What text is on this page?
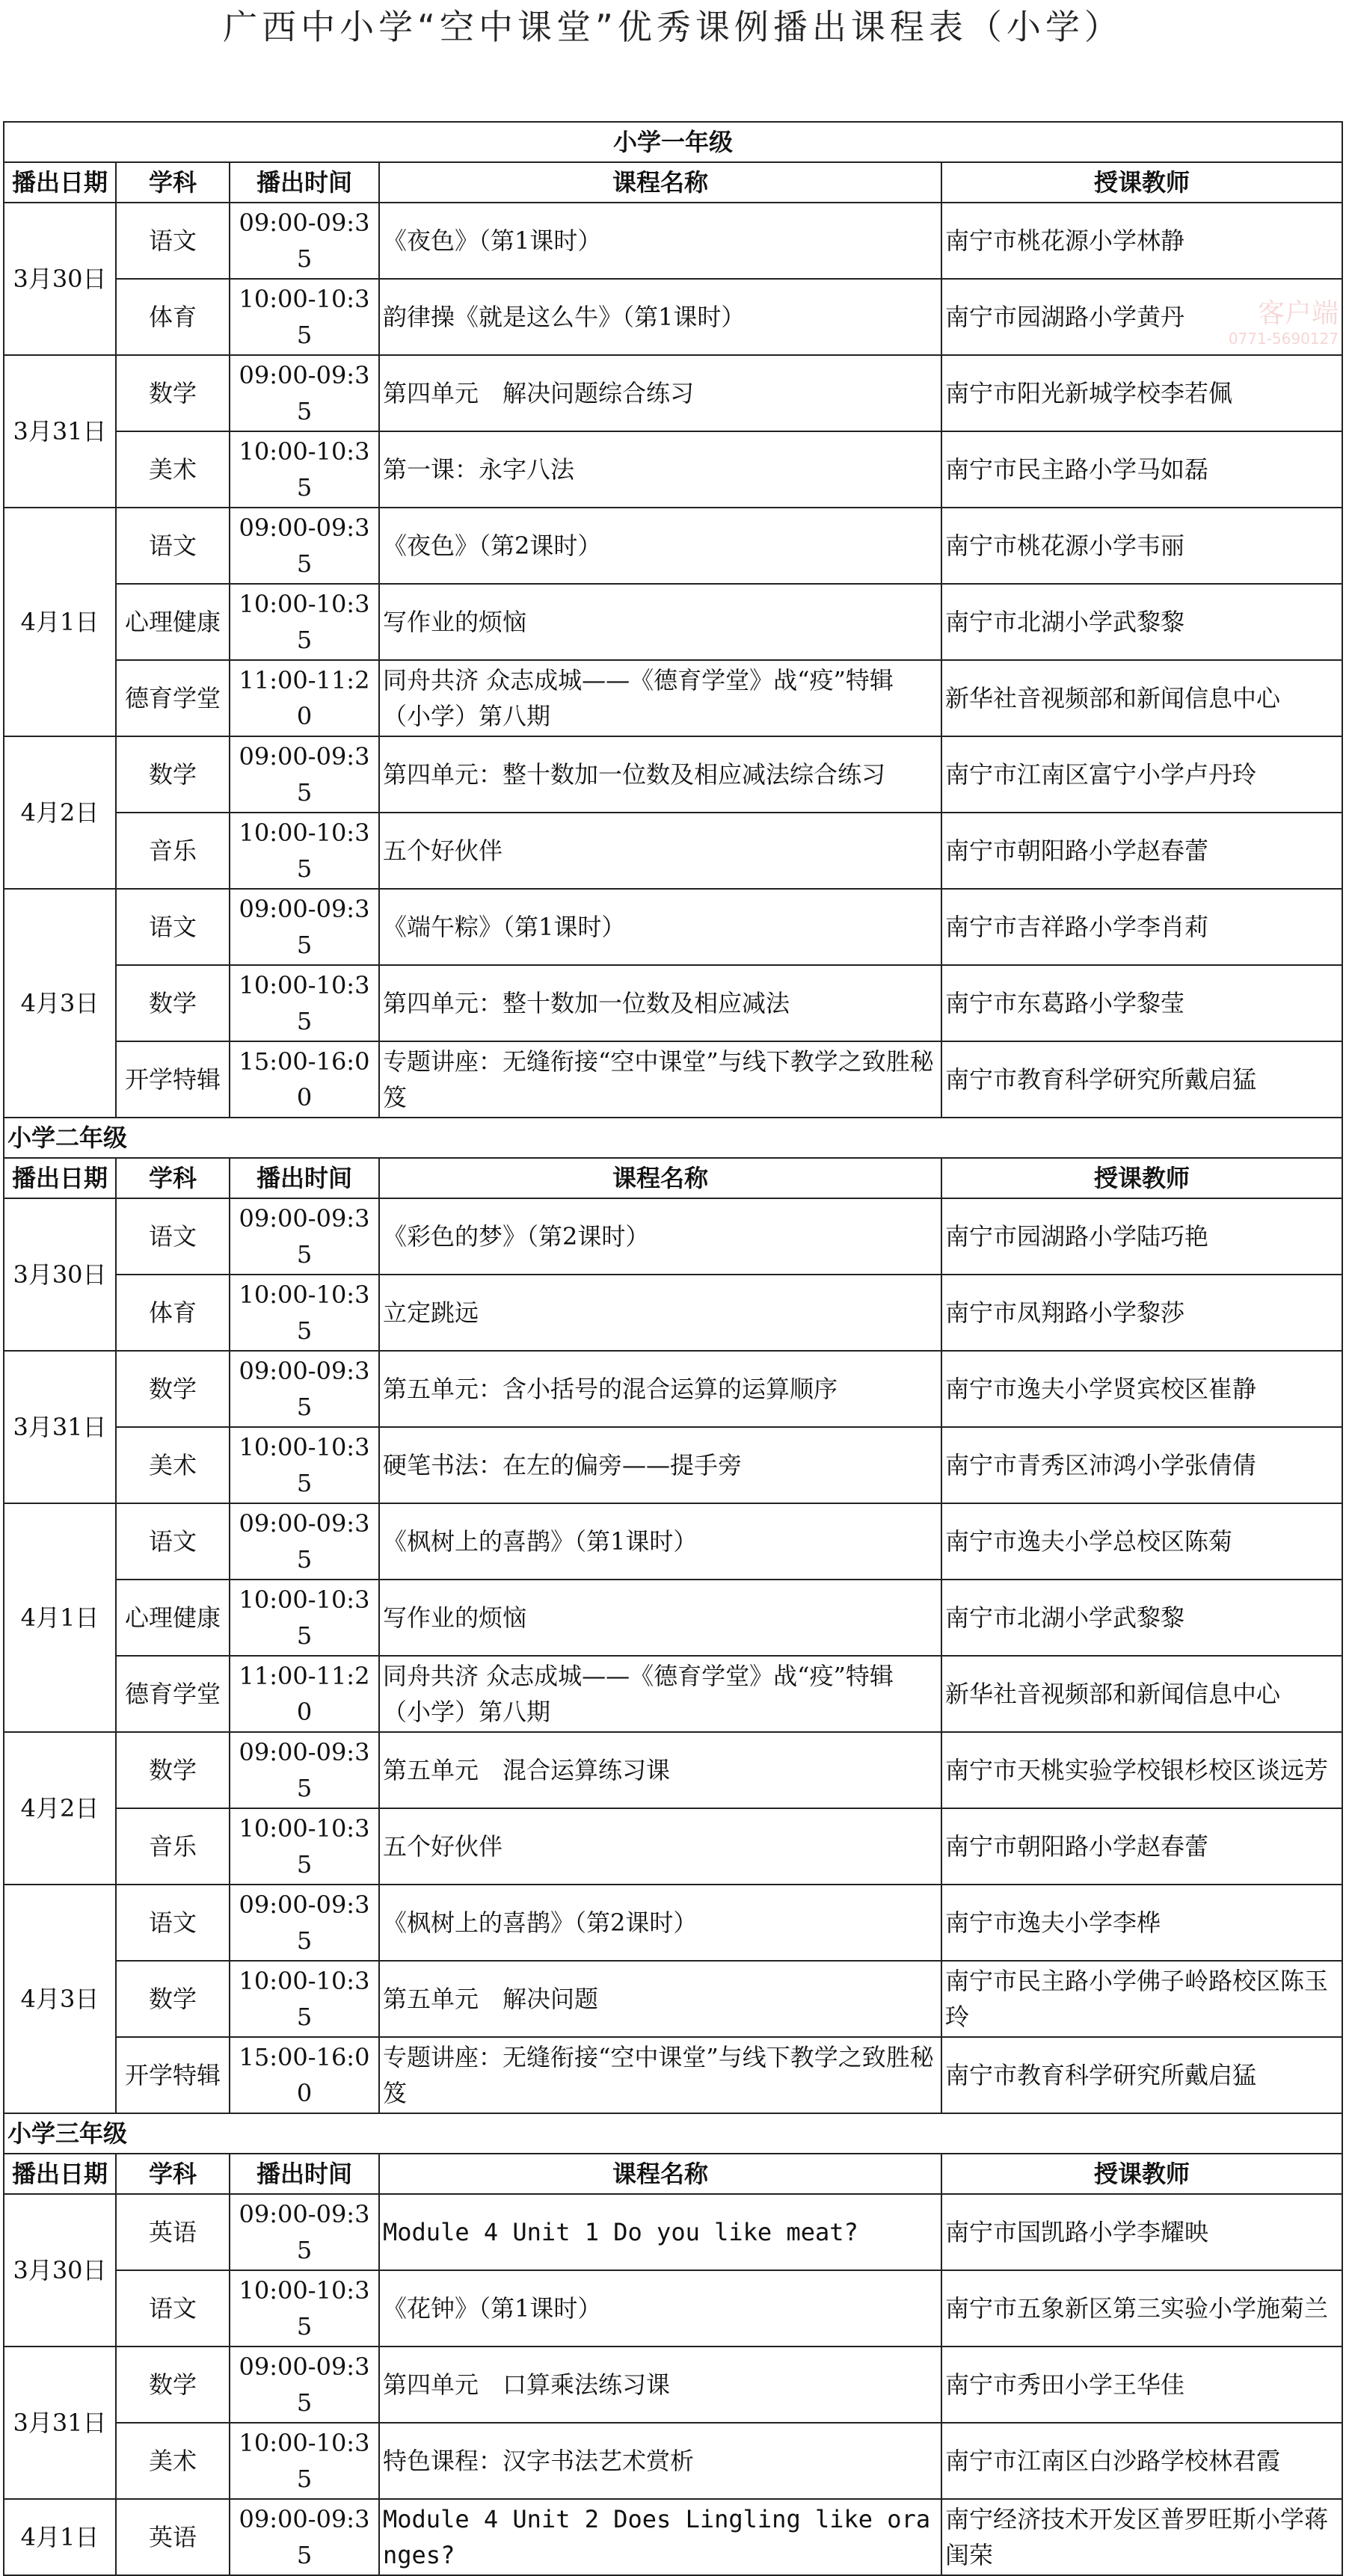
广西中小学“空中课堂”优秀课例播出课程表（小学）
小学一年级				
播出日期	学科	播出时间	课程名称	授课教师
3月30日	语文	09:00-09:35	《夜色》（第1课时）	南宁市桃花源小学林静
	体育	10:00-10:35	韵律操《就是这么牛》（第1课时）	南宁市园湖路小学黄丹
3月31日	数学	09:00-09:35	第四单元　解决问题综合练习	南宁市阳光新城学校李若佩
	美术	10:00-10:35	第一课：永字八法	南宁市民主路小学马如磊
4月1日	语文	09:00-09:35	《夜色》（第2课时）	南宁市桃花源小学韦丽
	心理健康	10:00-10:35	写作业的烦恼	南宁市北湖小学武黎黎
	德育学堂	11:00-11:20	同舟共济 众志成城——《德育学堂》战“疫”特辑（小学）第八期	新华社音视频部和新闻信息中心
4月2日	数学	09:00-09:35	第四单元：整十数加一位数及相应减法综合练习	南宁市江南区富宁小学卢丹玲
	音乐	10:00-10:35	五个好伙伴	南宁市朝阳路小学赵春蕾
4月3日	语文	09:00-09:35	《端午粽》（第1课时）	南宁市吉祥路小学李肖莉
	数学	10:00-10:35	第四单元：整十数加一位数及相应减法	南宁市东葛路小学黎莹
	开学特辑	15:00-16:00	专题讲座：无缝衔接“空中课堂”与线下教学之致胜秘笈	南宁市教育科学研究所戴启猛
小学二年级				
播出日期	学科	播出时间	课程名称	授课教师
3月30日	语文	09:00-09:35	《彩色的梦》（第2课时）	南宁市园湖路小学陆巧艳
	体育	10:00-10:35	立定跳远	南宁市凤翔路小学黎莎
3月31日	数学	09:00-09:35	第五单元：含小括号的混合运算的运算顺序	南宁市逸夫小学贤宾校区崔静
	美术	10:00-10:35	硬笔书法：在左的偏旁——提手旁	南宁市青秀区沛鸿小学张倩倩
4月1日	语文	09:00-09:35	《枫树上的喜鹊》（第1课时）	南宁市逸夫小学总校区陈菊
	心理健康	10:00-10:35	写作业的烦恼	南宁市北湖小学武黎黎
	德育学堂	11:00-11:20	同舟共济 众志成城——《德育学堂》战“疫”特辑（小学）第八期	新华社音视频部和新闻信息中心
4月2日	数学	09:00-09:35	第五单元　混合运算练习课	南宁市天桃实验学校银杉校区谈远芳
	音乐	10:00-10:35	五个好伙伴	南宁市朝阳路小学赵春蕾
4月3日	语文	09:00-09:35	《枫树上的喜鹊》（第2课时）	南宁市逸夫小学李桦
	数学	10:00-10:35	第五单元　解决问题	南宁市民主路小学佛子岭路校区陈玉玲
	开学特辑	15:00-16:00	专题讲座：无缝衔接“空中课堂”与线下教学之致胜秘笈	南宁市教育科学研究所戴启猛
小学三年级				
播出日期	学科	播出时间	课程名称	授课教师
3月30日	英语	09:00-09:35	Module 4 Unit 1 Do you like meat?	南宁市国凯路小学李耀映
	语文	10:00-10:35	《花钟》（第1课时）	南宁市五象新区第三实验小学施菊兰
3月31日	数学	09:00-09:35	第四单元　口算乘法练习课	南宁市秀田小学王华佳
	美术	10:00-10:35	特色课程：汉字书法艺术赏析	南宁市江南区白沙路学校林君霞
4月1日	英语	09:00-09:35	Module 4 Unit 2 Does Lingling like oranges?	南宁经济技术开发区普罗旺斯小学蒋闺荣
客户端
0771-5690127
